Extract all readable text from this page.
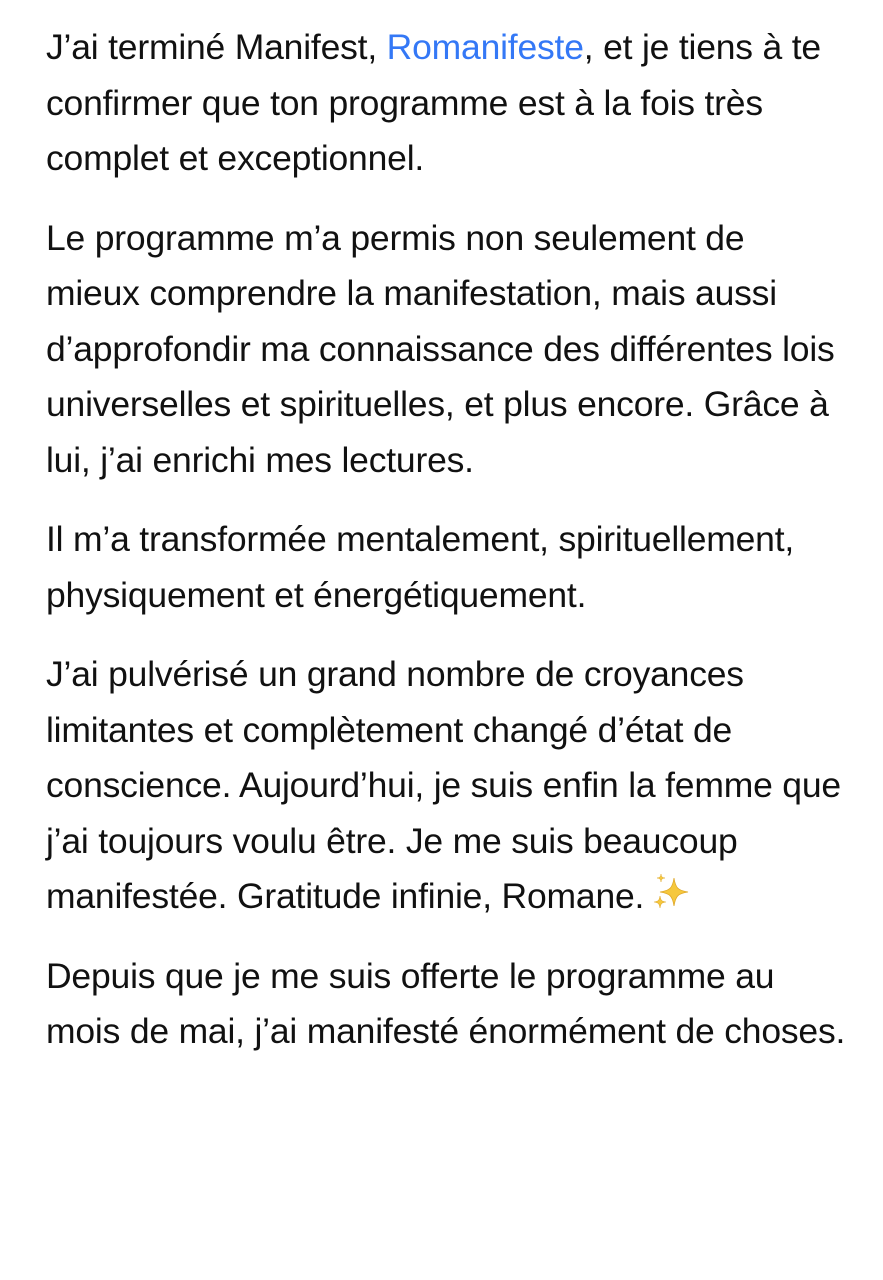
J’ai terminé Manifest, Romanifeste, et je tiens à te confirmer que ton programme est à la fois très complet et exceptionnel.

Le programme m’a permis non seulement de mieux comprendre la manifestation, mais aussi d’approfondir ma connaissance des différentes lois universelles et spirituelles, et plus encore. Grâce à lui, j’ai enrichi mes lectures.

Il m’a transformée mentalement, spirituellement, physiquement et énergétiquement.

J’ai pulvérisé un grand nombre de croyances limitantes et complètement changé d’état de conscience. Aujourd’hui, je suis enfin la femme que j’ai toujours voulu être. Je me suis beaucoup manifestée. Gratitude infinie, Romane.

Depuis que je me suis offerte le programme au mois de mai, j’ai manifesté énormément de choses.
